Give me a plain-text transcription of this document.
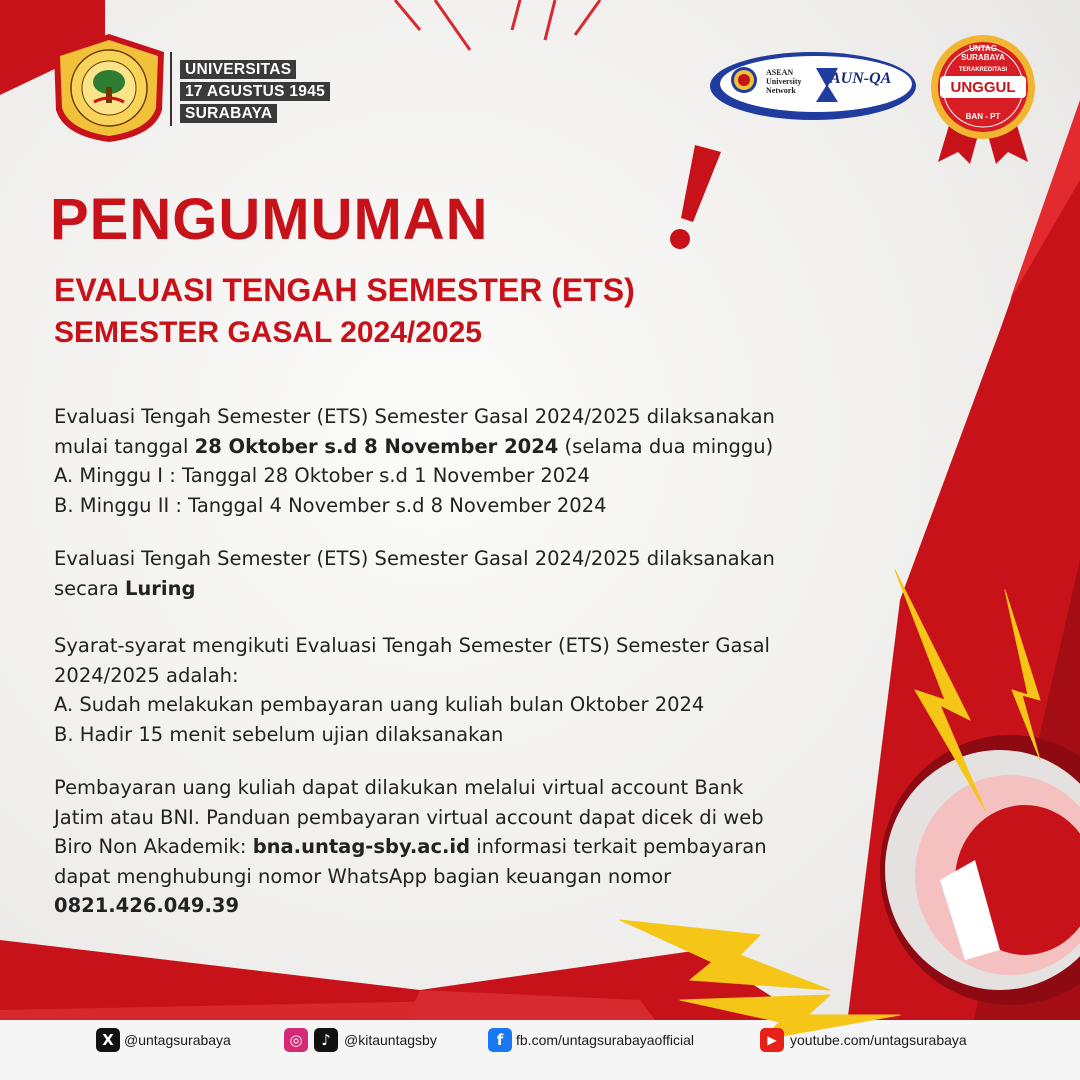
UNIVERSITAS
17 AGUSTUS 1945
SURABAYA
ASEAN University Network
AUN-QA
UNTAG SURABAYA
TERAKREDITASI
UNGGUL
BAN - PT
PENGUMUMAN
EVALUASI TENGAH SEMESTER (ETS)
SEMESTER GASAL 2024/2025

Evaluasi Tengah Semester (ETS) Semester Gasal 2024/2025 dilaksanakan

mulai tanggal 28 Oktober s.d 8 November 2024 (selama dua minggu)

A. Minggu I : Tanggal 28 Oktober s.d 1 November 2024

B. Minggu II : Tanggal 4 November s.d 8 November 2024

Evaluasi Tengah Semester (ETS) Semester Gasal 2024/2025 dilaksanakan

secara Luring

Syarat-syarat mengikuti Evaluasi Tengah Semester (ETS) Semester Gasal

2024/2025 adalah:

A. Sudah melakukan pembayaran uang kuliah bulan Oktober 2024

B. Hadir 15 menit sebelum ujian dilaksanakan

Pembayaran uang kuliah dapat dilakukan melalui virtual account Bank

Jatim atau BNI. Panduan pembayaran virtual account dapat dicek di web

Biro Non Akademik: bna.untag-sby.ac.id informasi terkait pembayaran

dapat menghubungi nomor WhatsApp bagian keuangan nomor

0821.426.049.39

X @untagsurabaya	◎	♪ @kitauntagsby	f fb.com/untagsurabayaofficial	▶ youtube.com/untagsurabaya
